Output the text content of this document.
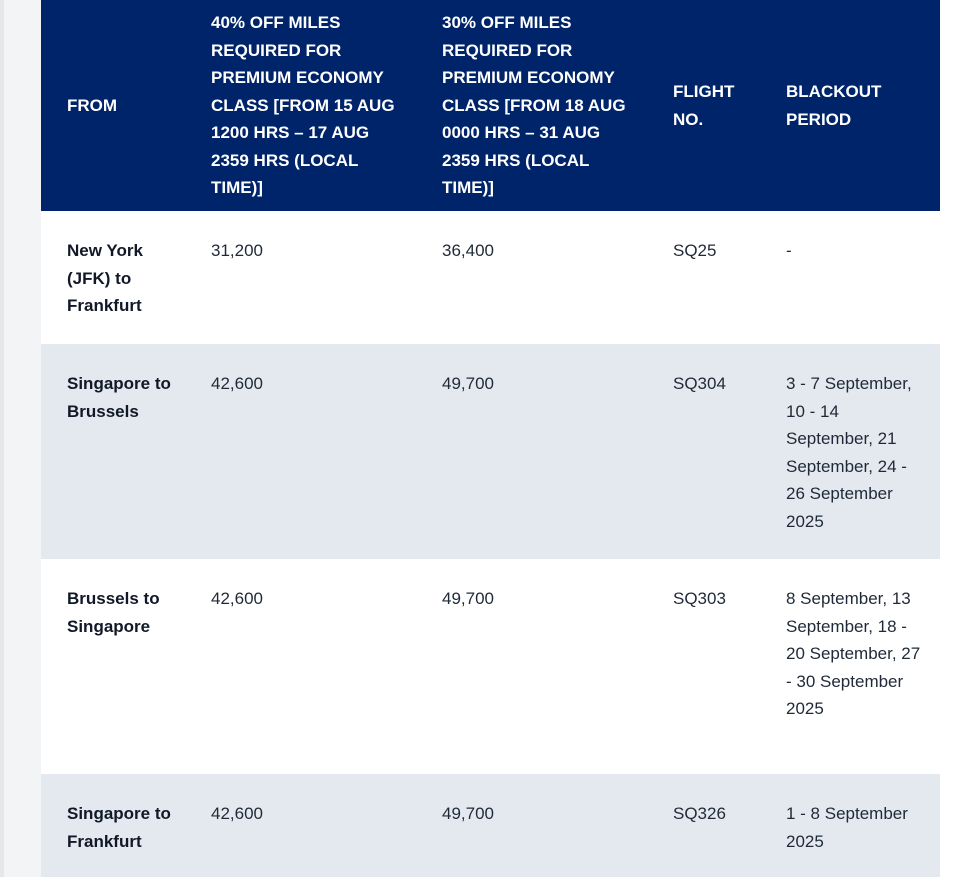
FROM	40% OFF MILES REQUIRED FOR PREMIUM ECONOMY CLASS [FROM 15 AUG 1200 HRS – 17 AUG 2359 HRS (LOCAL TIME)]	30% OFF MILES REQUIRED FOR PREMIUM ECONOMY CLASS [FROM 18 AUG 0000 HRS – 31 AUG 2359 HRS (LOCAL TIME)]	FLIGHT NO.	BLACKOUT PERIOD
New York (JFK) to Frankfurt	31,200	36,400	SQ25	-
Singapore to Brussels	42,600	49,700	SQ304	3 - 7 September, 10 - 14 September, 21 September, 24 - 26 September 2025
Brussels to Singapore	42,600	49,700	SQ303	8 September, 13 September, 18 - 20 September, 27 - 30 September 2025
Singapore to Frankfurt	42,600	49,700	SQ326	1 - 8 September 2025
